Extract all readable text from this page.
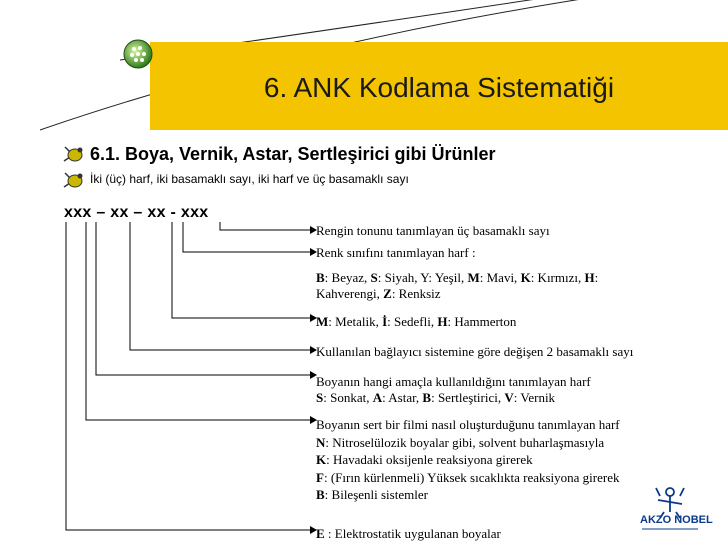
6. ANK Kodlama Sistematiği
6.1. Boya, Vernik, Astar, Sertleşirici gibi Ürünler
İki (üç) harf, iki basamaklı sayı, iki harf ve üç basamaklı sayı
xxx – xx – xx - xxx
Rengin tonunu tanımlayan üç basamaklı sayı
Renk sınıfını tanımlayan harf :
B: Beyaz, S: Siyah, Y: Yeşil, M: Mavi, K: Kırmızı, H:
Kahverengi, Z: Renksiz
M: Metalik, İ: Sedefli, H: Hammerton
Kullanılan bağlayıcı sistemine göre değişen 2 basamaklı sayı
Boyanın hangi amaçla kullanıldığını tanımlayan harf
S: Sonkat, A: Astar, B: Sertleştirici, V: Vernik
Boyanın sert bir filmi nasıl oluşturduğunu tanımlayan harf
N: Nitroselülozik boyalar gibi, solvent buharlaşmasıyla
K: Havadaki oksijenle reaksiyona girerek
F: (Fırın kürlenmeli) Yüksek sıcaklıkta reaksiyona girerek
B: Bileşenli sistemler
E : Elektrostatik uygulanan boyalar
AKZO NOBEL
